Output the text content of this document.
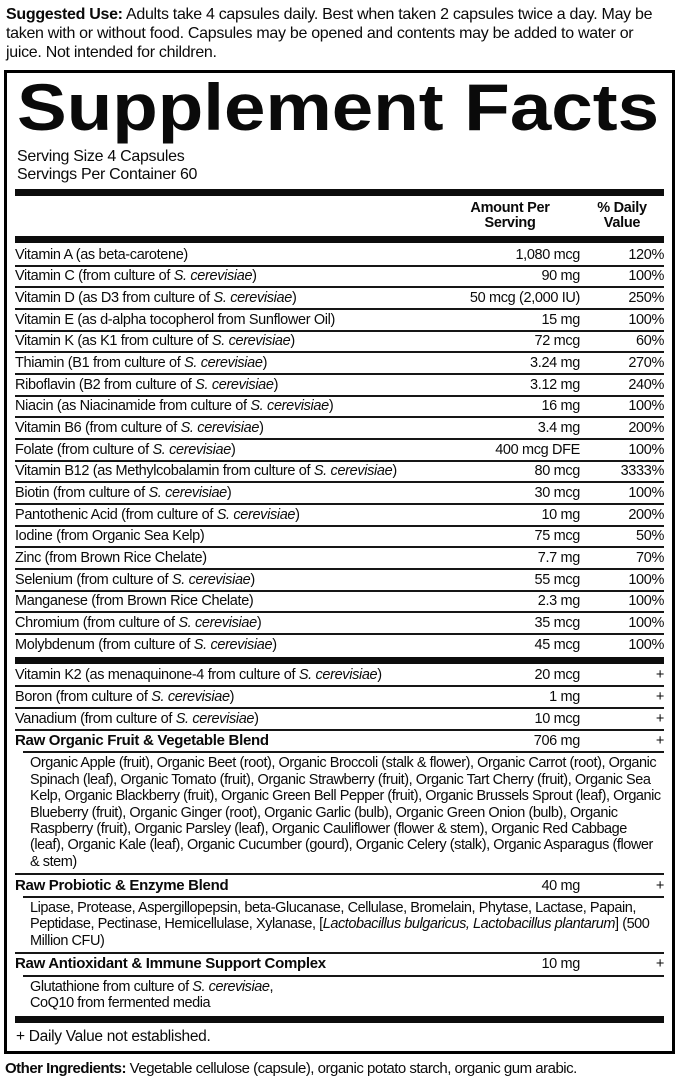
Suggested Use: Adults take 4 capsules daily. Best when taken 2 capsules twice a day. May be taken with or without food. Capsules may be opened and contents may be added to water or juice. Not intended for children.

Supplement Facts
Serving Size 4 Capsules
Servings Per Container 60
Amount Per
Serving
% Daily
Value
Vitamin A (as beta-carotene)	1,080 mcg	120%
Vitamin C (from culture of S. cerevisiae)	90 mg	100%
Vitamin D (as D3 from culture of S. cerevisiae)	50 mcg (2,000 IU)	250%
Vitamin E (as d-alpha tocopherol from Sunflower Oil)	15 mg	100%
Vitamin K (as K1 from culture of S. cerevisiae)	72 mcg	60%
Thiamin (B1 from culture of S. cerevisiae)	3.24 mg	270%
Riboflavin (B2 from culture of S. cerevisiae)	3.12 mg	240%
Niacin (as Niacinamide from culture of S. cerevisiae)	16 mg	100%
Vitamin B6 (from culture of S. cerevisiae)	3.4 mg	200%
Folate (from culture of S. cerevisiae)	400 mcg DFE	100%
Vitamin B12 (as Methylcobalamin from culture of S. cerevisiae)	80 mcg	3333%
Biotin (from culture of S. cerevisiae)	30 mcg	100%
Pantothenic Acid (from culture of S. cerevisiae)	10 mg	200%
Iodine (from Organic Sea Kelp)	75 mcg	50%
Zinc (from Brown Rice Chelate)	7.7 mg	70%
Selenium (from culture of S. cerevisiae)	55 mcg	100%
Manganese (from Brown Rice Chelate)	2.3 mg	100%
Chromium (from culture of S. cerevisiae)	35 mcg	100%
Molybdenum (from culture of S. cerevisiae)	45 mcg	100%
Vitamin K2 (as menaquinone-4 from culture of S. cerevisiae)	20 mcg	+
Boron (from culture of S. cerevisiae)	1 mg	+
Vanadium (from culture of S. cerevisiae)	10 mcg	+
Raw Organic Fruit & Vegetable Blend	706 mg	+
Organic Apple (fruit), Organic Beet (root), Organic Broccoli (stalk & flower), Organic Carrot (root), Organic Spinach (leaf), Organic Tomato (fruit), Organic Strawberry (fruit), Organic Tart Cherry (fruit), Organic Sea Kelp, Organic Blackberry (fruit), Organic Green Bell Pepper (fruit), Organic Brussels Sprout (leaf), Organic Blueberry (fruit), Organic Ginger (root), Organic Garlic (bulb), Organic Green Onion (bulb), Organic Raspberry (fruit), Organic Parsley (leaf), Organic Cauliflower (flower & stem), Organic Red Cabbage (leaf), Organic Kale (leaf), Organic Cucumber (gourd), Organic Celery (stalk), Organic Asparagus (flower & stem)
Raw Probiotic & Enzyme Blend	40 mg	+
Lipase, Protease, Aspergillopepsin, beta-Glucanase, Cellulase, Bromelain, Phytase, Lactase, Papain, Peptidase, Pectinase, Hemicellulase, Xylanase, [Lactobacillus bulgaricus, Lactobacillus plantarum] (500 Million CFU)
Raw Antioxidant & Immune Support Complex	10 mg	+
Glutathione from culture of S. cerevisiae,
CoQ10 from fermented media
+ Daily Value not established.

Other Ingredients: Vegetable cellulose (capsule), organic potato starch, organic gum arabic.
